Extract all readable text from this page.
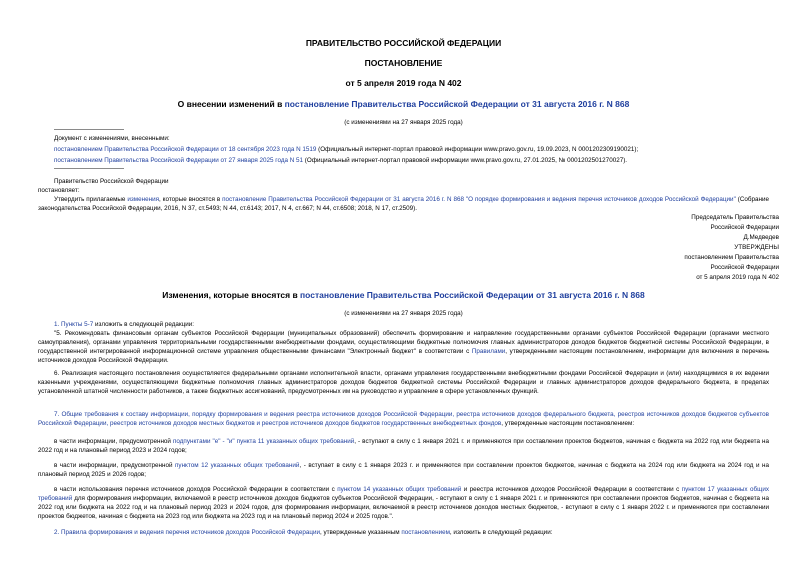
ПРАВИТЕЛЬСТВО РОССИЙСКОЙ ФЕДЕРАЦИИ
ПОСТАНОВЛЕНИЕ
от 5 апреля 2019 года N 402
О внесении изменений в постановление Правительства Российской Федерации от 31 августа 2016 г. N 868
(с изменениями на 27 января 2025 года)
Документ с изменениями, внесенными:
постановлением Правительства Российской Федерации от 18 сентября 2023 года N 1519 (Официальный интернет-портал правовой информации www.pravo.gov.ru, 19.09.2023, N 0001202309190021);
постановлением Правительства Российской Федерации от 27 января 2025 года N 51 (Официальный интернет-портал правовой информации www.pravo.gov.ru, 27.01.2025, № 0001202501270027).
Правительство Российской Федерации
постановляет:
Утвердить прилагаемые изменения, которые вносятся в постановление Правительства Российской Федерации от 31 августа 2016 г. N 868 "О порядке формирования и ведения перечня источников доходов Российской Федерации" (Собрание законодательства Российской Федерации, 2016, N 37, ст.5493; N 44, ст.6143; 2017, N 4, ст.667; N 44, ст.6508; 2018, N 17, ст.2509).
Председатель Правительства
Российской Федерации
Д.Медведев
УТВЕРЖДЕНЫ
постановлением Правительства
Российской Федерации
от 5 апреля 2019 года N 402
Изменения, которые вносятся в постановление Правительства Российской Федерации от 31 августа 2016 г. N 868
(с изменениями на 27 января 2025 года)
1. Пункты 5-7 изложить в следующей редакции:
"5. Рекомендовать финансовым органам субъектов Российской Федерации (муниципальных образований) обеспечить формирование и направление государственными органами субъектов Российской Федерации (органами местного самоуправления), органами управления территориальными государственными внебюджетными фондами, осуществляющими бюджетные полномочия главных администраторов доходов бюджетов бюджетной системы Российской Федерации, в государственной интегрированной информационной системе управления общественными финансами "Электронный бюджет" в соответствии с Правилами, утвержденными настоящим постановлением, информации для включения в перечень источников доходов Российской Федерации.
6. Реализация настоящего постановления осуществляется федеральными органами исполнительной власти, органами управления государственными внебюджетными фондами Российской Федерации и (или) находящимися в их ведении казенными учреждениями, осуществляющими бюджетные полномочия главных администраторов доходов бюджетов бюджетной системы Российской Федерации и главных администраторов доходов федерального бюджета, в пределах установленной штатной численности работников, а также бюджетных ассигнований, предусмотренных им на руководство и управление в сфере установленных функций.
7. Общие требования к составу информации, порядку формирования и ведения реестра источников доходов Российской Федерации, реестра источников доходов федерального бюджета, реестров источников доходов бюджетов субъектов Российской Федерации, реестров источников доходов местных бюджетов и реестров источников доходов бюджетов государственных внебюджетных фондов, утвержденные настоящим постановлением:
в части информации, предусмотренной подпунктами "е" - "и" пункта 11 указанных общих требований, - вступают в силу с 1 января 2021 г. и применяются при составлении проектов бюджетов, начиная с бюджета на 2022 год или бюджета на 2022 год и на плановый период 2023 и 2024 годов;
в части информации, предусмотренной пунктом 12 указанных общих требований, - вступает в силу с 1 января 2023 г. и применяются при составлении проектов бюджетов, начиная с бюджета на 2024 год или бюджета на 2024 год и на плановый период 2025 и 2026 годов;
в части использования перечня источников доходов Российской Федерации в соответствии с пунктом 14 указанных общих требований и реестра источников доходов Российской Федерации в соответствии с пунктом 17 указанных общих требований для формирования информации, включаемой в реестр источников доходов бюджетов субъектов Российской Федерации, - вступают в силу с 1 января 2021 г. и применяются при составлении проектов бюджетов, начиная с бюджета на 2022 год или бюджета на 2022 год и на плановый период 2023 и 2024 годов, для формирования информации, включаемой в реестр источников доходов местных бюджетов, - вступают в силу с 1 января 2022 г. и применяются при составлении проектов бюджетов, начиная с бюджета на 2023 год или бюджета на 2023 год и на плановый период 2024 и 2025 годов.".
2. Правила формирования и ведения перечня источников доходов Российской Федерации, утвержденные указанным постановлением, изложить в следующей редакции:
